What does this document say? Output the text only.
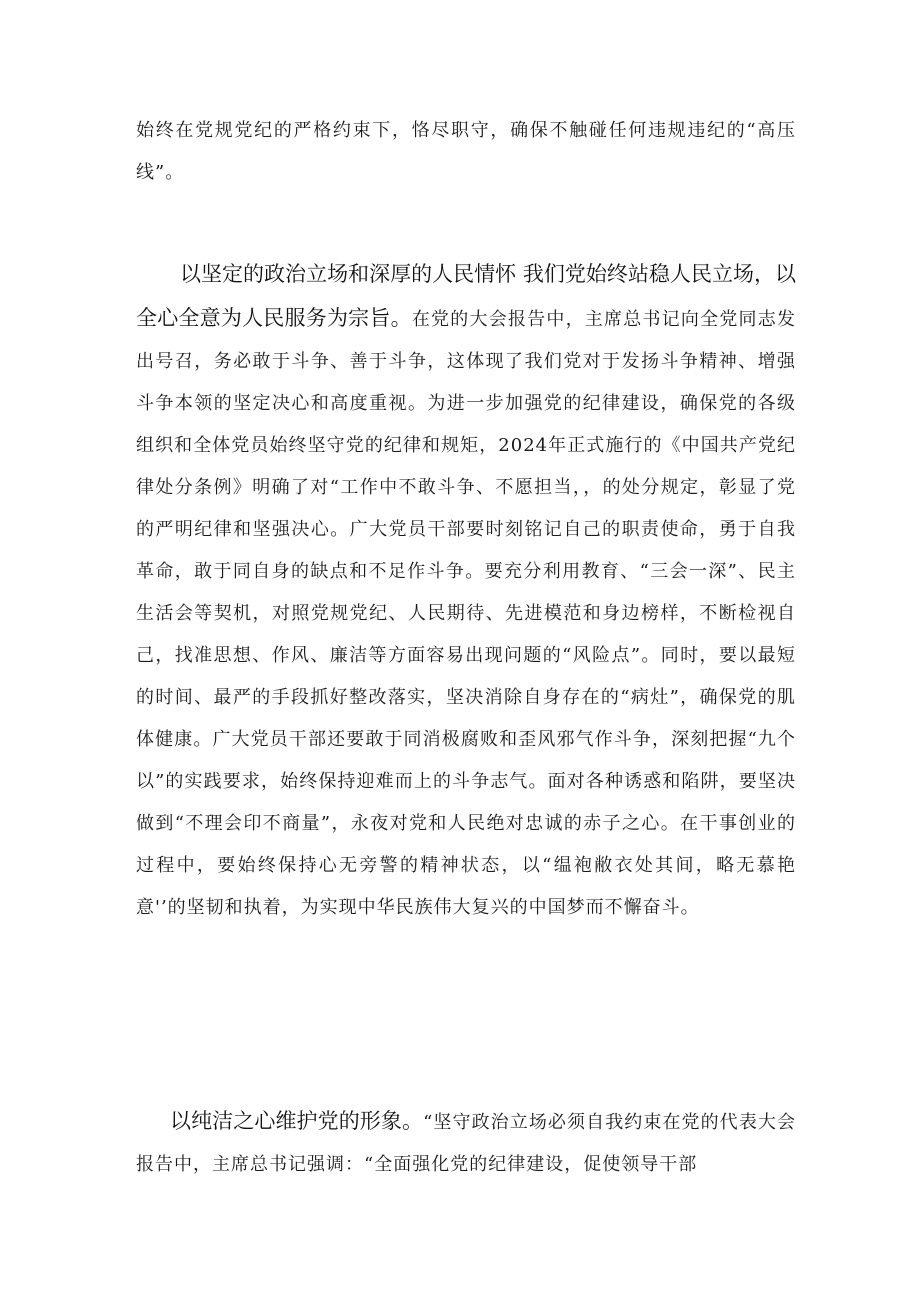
始终在党规党纪的严格约束下，恪尽职守，确保不触碰任何违规违纪的“高压线”。

以坚定的政治立场和深厚的人民情怀 我们党始终站稳人民立场，以全心全意为人民服务为宗旨。在党的大会报告中，主席总书记向全党同志发出号召，务必敢于斗争、善于斗争，这体现了我们党对于发扬斗争精神、增强斗争本领的坚定决心和高度重视。为进一步加强党的纪律建设，确保党的各级组织和全体党员始终坚守党的纪律和规矩，2024年正式施行的《中国共产党纪律处分条例》明确了对“工作中不敢斗争、不愿担当，，的处分规定，彰显了党的严明纪律和坚强决心。广大党员干部要时刻铭记自己的职责使命，勇于自我革命，敢于同自身的缺点和不足作斗争。要充分利用教育、“三会一深”、民主生活会等契机，对照党规党纪、人民期待、先进模范和身边榜样，不断检视自己，找准思想、作风、廉洁等方面容易出现问题的“风险点”。同时，要以最短的时间、最严的手段抓好整改落实，坚决消除自身存在的“病灶”，确保党的肌体健康。广大党员干部还要敢于同消极腐败和歪风邪气作斗争，深刻把握“九个以”的实践要求，始终保持迎难而上的斗争志气。面对各种诱惑和陷阱，要坚决做到“不理会印不商量”，永夜对党和人民绝对忠诚的赤子之心。在干事创业的过程中，要始终保持心无旁警的精神状态，以“缊袍敝衣处其间，略无慕艳意'’的坚韧和执着，为实现中华民族伟大复兴的中国梦而不懈奋斗。

以纯洁之心维护党的形象。“坚守政治立场必须自我约束在党的代表大会报告中，主席总书记强调：“全面强化党的纪律建设，促使领导干部
